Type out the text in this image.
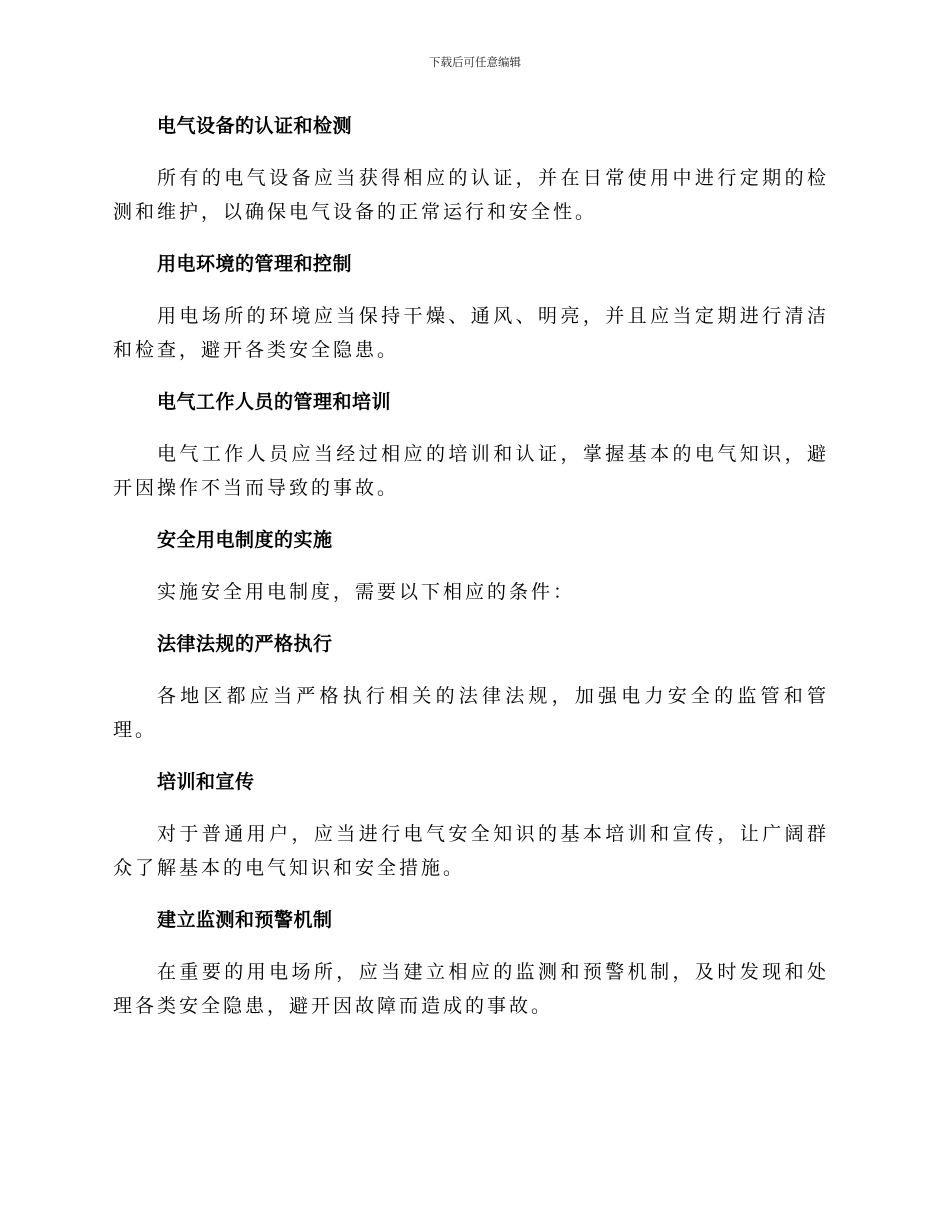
下载后可任意编辑
电气设备的认证和检测

所有的电气设备应当获得相应的认证，并在日常使用中进行定期的检测和维护，以确保电气设备的正常运行和安全性。

用电环境的管理和控制

用电场所的环境应当保持干燥、通风、明亮，并且应当定期进行清洁和检查，避开各类安全隐患。

电气工作人员的管理和培训

电气工作人员应当经过相应的培训和认证，掌握基本的电气知识，避开因操作不当而导致的事故。

安全用电制度的实施

实施安全用电制度，需要以下相应的条件：

法律法规的严格执行

各地区都应当严格执行相关的法律法规，加强电力安全的监管和管理。

培训和宣传

对于普通用户，应当进行电气安全知识的基本培训和宣传，让广阔群众了解基本的电气知识和安全措施。

建立监测和预警机制

在重要的用电场所，应当建立相应的监测和预警机制，及时发现和处理各类安全隐患，避开因故障而造成的事故。
